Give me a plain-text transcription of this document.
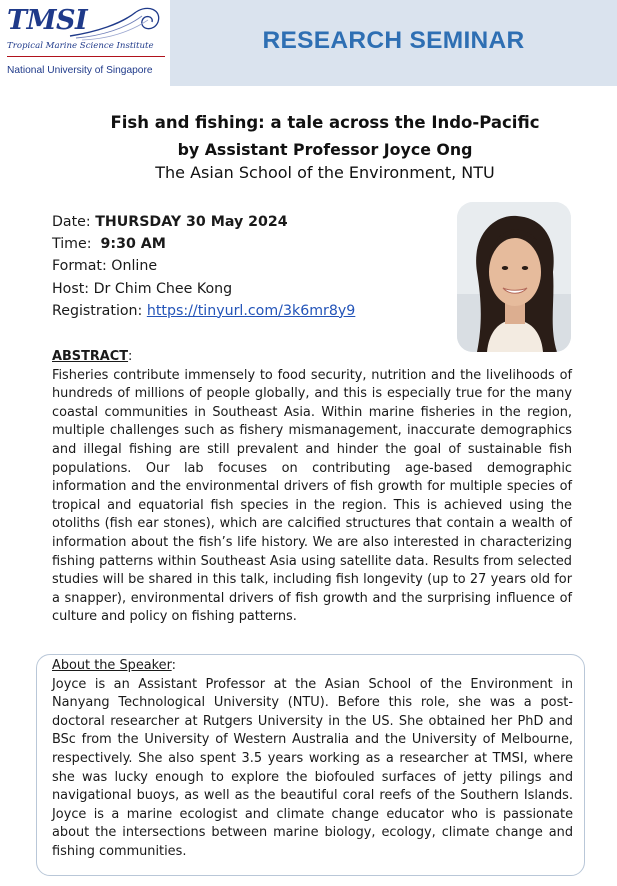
TMSI
Tropical Marine Science Institute
National University of Singapore
RESEARCH SEMINAR
Fish and fishing: a tale across the Indo-Pacific
by Assistant Professor Joyce Ong
The Asian School of the Environment, NTU
Date: THURSDAY 30 May 2024
Time:  9:30 AM
Format: Online
Host: Dr Chim Chee Kong
Registration: https://tinyurl.com/3k6mr8y9
ABSTRACT:
Fisheries contribute immensely to food security, nutrition and the livelihoods of hundreds of millions of people globally, and this is especially true for the many coastal communities in Southeast Asia. Within marine fisheries in the region, multiple challenges such as fishery mismanagement, inaccurate demographics and illegal fishing are still prevalent and hinder the goal of sustainable fish populations. Our lab focuses on contributing age-based demographic information and the environmental drivers of fish growth for multiple species of tropical and equatorial fish species in the region. This is achieved using the otoliths (fish ear stones), which are calcified structures that contain a wealth of information about the fish’s life history. We are also interested in characterizing fishing patterns within Southeast Asia using satellite data. Results from selected studies will be shared in this talk, including fish longevity (up to 27 years old for a snapper), environmental drivers of fish growth and the surprising influence of culture and policy on fishing patterns.
About the Speaker:
Joyce is an Assistant Professor at the Asian School of the Environment in Nanyang Technological University (NTU). Before this role, she was a post-doctoral researcher at Rutgers University in the US. She obtained her PhD and BSc from the University of Western Australia and the University of Melbourne, respectively. She also spent 3.5 years working as a researcher at TMSI, where she was lucky enough to explore the biofouled surfaces of jetty pilings and navigational buoys, as well as the beautiful coral reefs of the Southern Islands. Joyce is a marine ecologist and climate change educator who is passionate about the intersections between marine biology, ecology, climate change and fishing communities.
